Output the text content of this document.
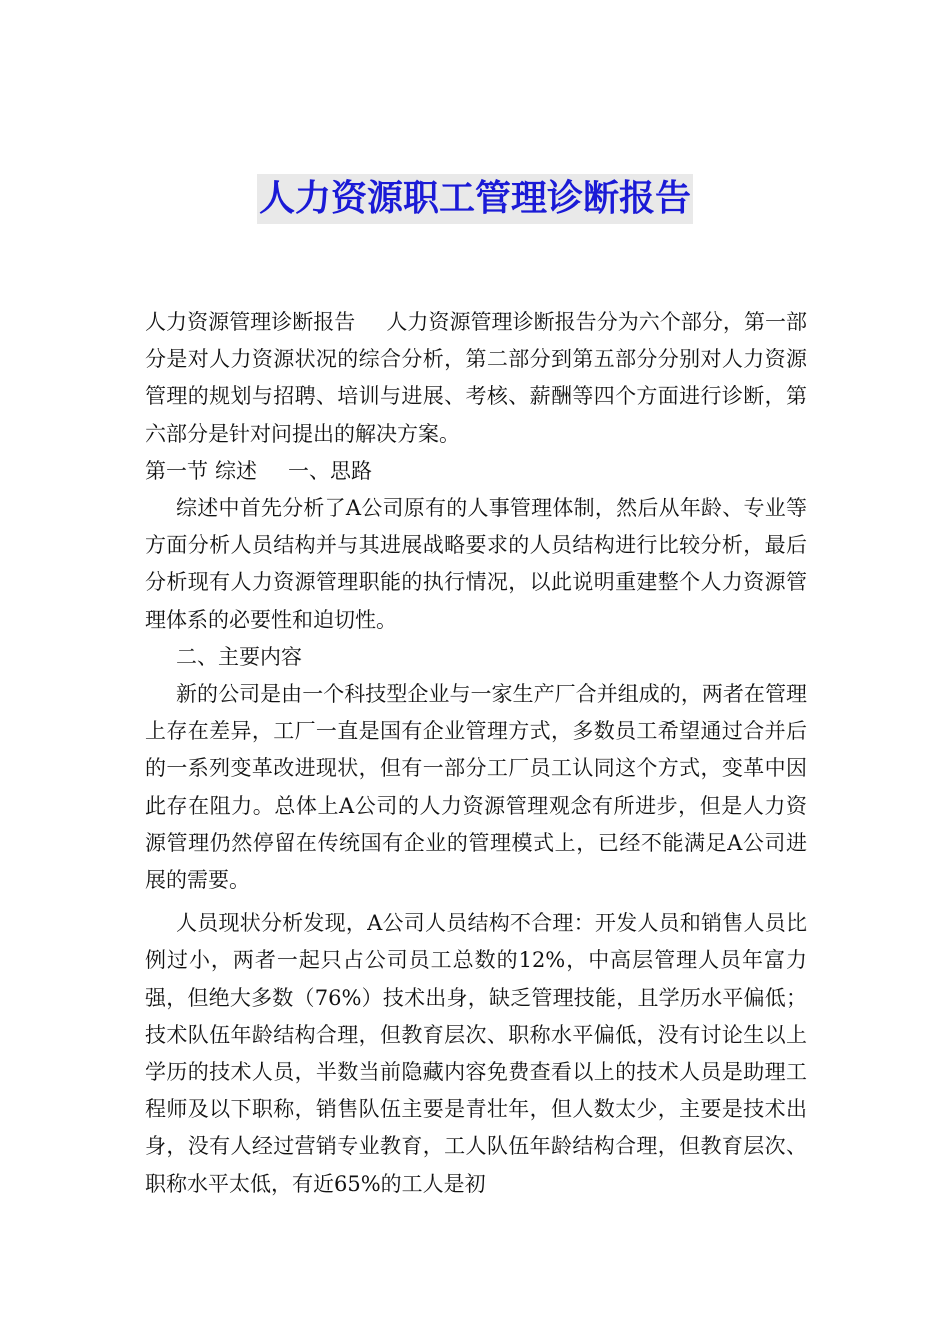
人力资源职工管理诊断报告

人力资源管理诊断报告 人力资源管理诊断报告分为六个部分，第一部分是对人力资源状况的综合分析，第二部分到第五部分分别对人力资源管理的规划与招聘、培训与进展、考核、薪酬等四个方面进行诊断，第六部分是针对问提出的解决方案。

第一节 综述 一、思路

综述中首先分析了A公司原有的人事管理体制，然后从年龄、专业等方面分析人员结构并与其进展战略要求的人员结构进行比较分析，最后分析现有人力资源管理职能的执行情况，以此说明重建整个人力资源管理体系的必要性和迫切性。

二、主要内容

新的公司是由一个科技型企业与一家生产厂合并组成的，两者在管理上存在差异，工厂一直是国有企业管理方式，多数员工希望通过合并后的一系列变革改进现状，但有一部分工厂员工认同这个方式，变革中因此存在阻力。总体上A公司的人力资源管理观念有所进步，但是人力资源管理仍然停留在传统国有企业的管理模式上，已经不能满足A公司进展的需要。

人员现状分析发现，A公司人员结构不合理：开发人员和销售人员比例过小，两者一起只占公司员工总数的12%，中高层管理人员年富力强，但绝大多数（76%）技术出身，缺乏管理技能，且学历水平偏低；技术队伍年龄结构合理，但教育层次、职称水平偏低，没有讨论生以上学历的技术人员，半数当前隐藏内容免费查看以上的技术人员是助理工程师及以下职称，销售队伍主要是青壮年，但人数太少，主要是技术出身，没有人经过营销专业教育，工人队伍年龄结构合理，但教育层次、职称水平太低，有近65%的工人是初
